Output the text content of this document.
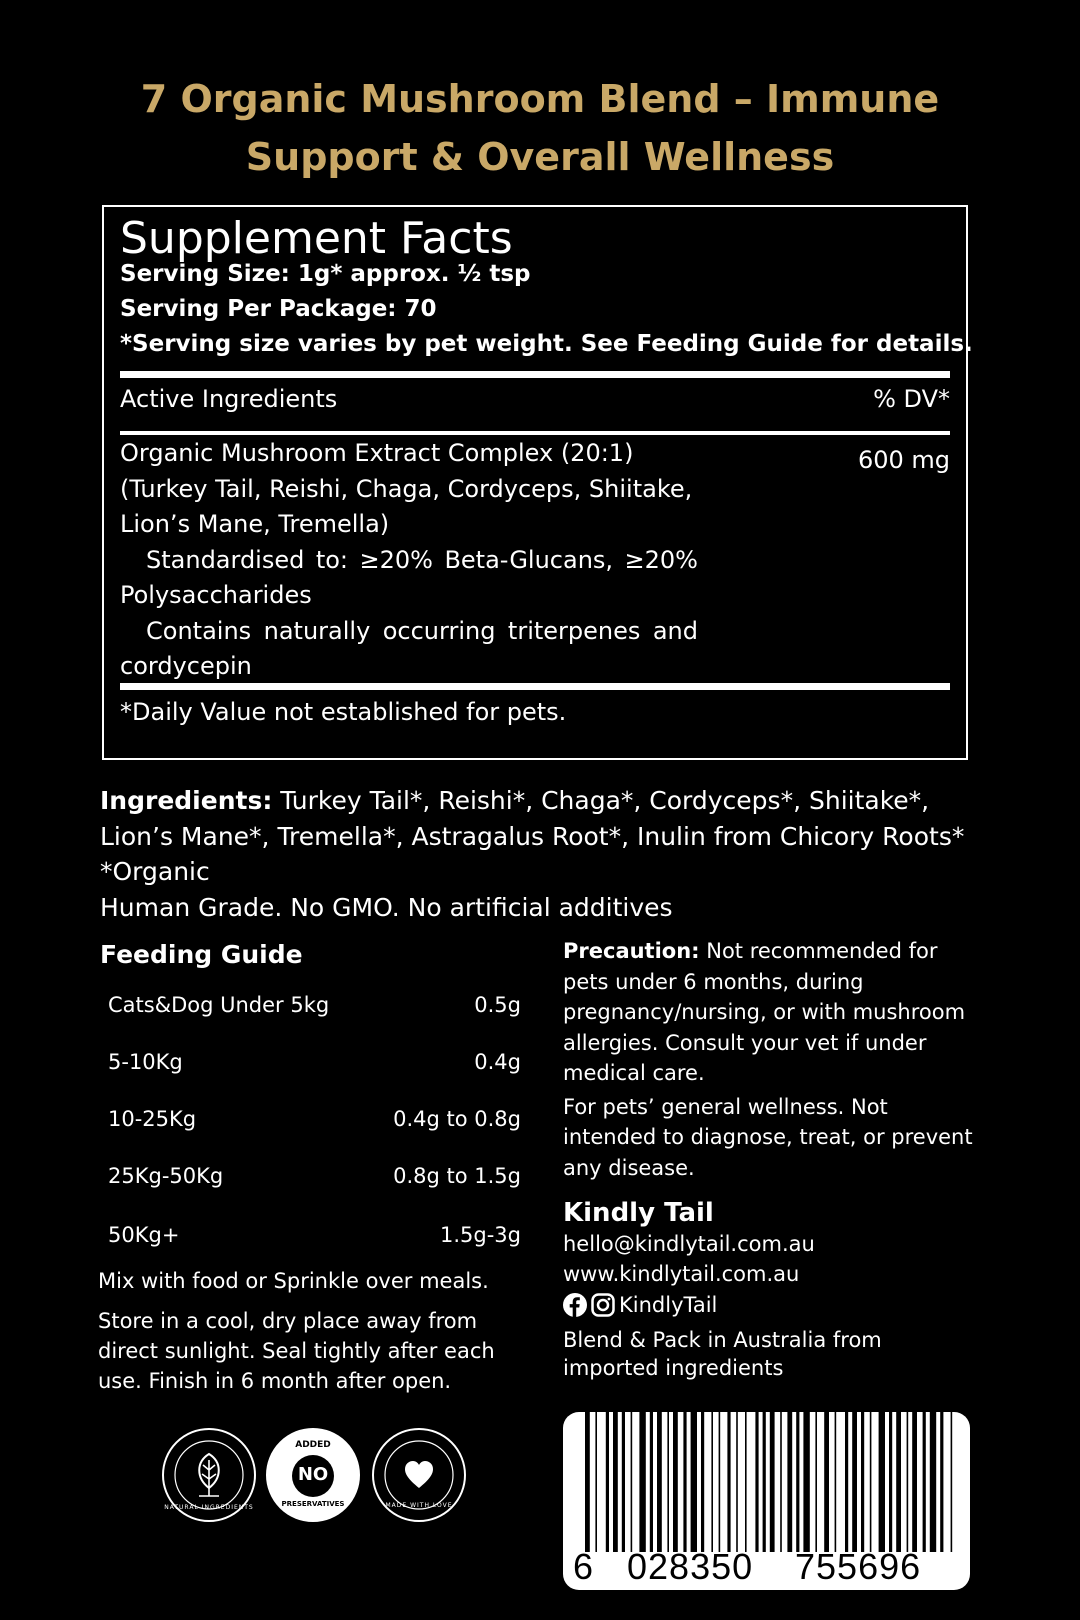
7 Organic Mushroom Blend – Immune
Support & Overall Wellness
Supplement Facts
Serving Size: 1g* approx. ½ tsp
Serving Per Package: 70
*Serving size varies by pet weight. See Feeding Guide for details.
Active Ingredients	% DV*
Organic Mushroom Extract Complex (20:1) (Turkey Tail, Reishi, Chaga, Cordyceps, Shiitake, Lion’s Mane, Tremella)
Standardised to: ≥20% Beta-Glucans, ≥20% Polysaccharides
Contains naturally occurring triterpenes and cordycepin
600 mg
*Daily Value not established for pets.
Ingredients: Turkey Tail*, Reishi*, Chaga*, Cordyceps*, Shiitake*, Lion’s Mane*, Tremella*, Astragalus Root*, Inulin from Chicory Roots*
*Organic
Human Grade. No GMO. No artificial additives
Feeding Guide
Cats&Dog Under 5kg	0.5g
5-10Kg	0.4g
10-25Kg	0.4g to 0.8g
25Kg-50Kg	0.8g to 1.5g
50Kg+	1.5g-3g
Mix with food or Sprinkle over meals.
Store in a cool, dry place away from direct sunlight. Seal tightly after each use. Finish in 6 month after open.
Precaution: Not recommended for pets under 6 months, during pregnancy/nursing, or with mushroom allergies. Consult your vet if under medical care.
For pets’ general wellness. Not intended to diagnose, treat, or prevent any disease.
Kindly Tail
hello@kindlytail.com.au
www.kindlytail.com.au
KindlyTail
Blend & Pack in Australia from imported ingredients
NATURAL INGREDIENTS
ADDED
NO
PRESERVATIVES	MADE WITH LOVE
6 028350 755696
